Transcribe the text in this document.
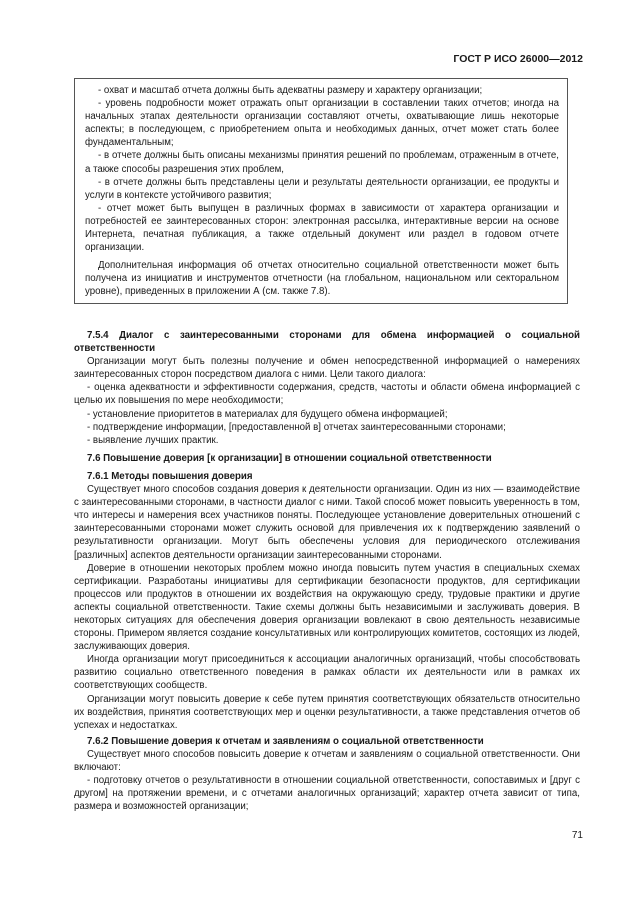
ГОСТ Р ИСО 26000—2012

- охват и масштаб отчета должны быть адекватны размеру и характеру организации;

- уровень подробности может отражать опыт организации в составлении таких отчетов; иногда на начальных этапах деятельности организации составляют отчеты, охватывающие лишь некоторые аспекты; в последующем, с приобретением опыта и необходимых данных, отчет может стать более фундаментальным;

- в отчете должны быть описаны механизмы принятия решений по проблемам, отраженным в отчете, а также способы разрешения этих проблем,

- в отчете должны быть представлены цели и результаты деятельности организации, ее продукты и услуги в контексте устойчивого развития;

- отчет может быть выпущен в различных формах в зависимости от характера организации и потребностей ее заинтересованных сторон: электронная рассылка, интерактивные версии на основе Интернета, печатная публикация, а также отдельный документ или раздел в годовом отчете организации.

Дополнительная информация об отчетах относительно социальной ответственности может быть получена из инициатив и инструментов отчетности (на глобальном, национальном или секторальном уровне), приведенных в приложении А (см. также 7.8).

7.5.4 Диалог с заинтересованными сторонами для обмена информацией о социальной ответственности

Организации могут быть полезны получение и обмен непосредственной информацией о намерениях заинтересованных сторон посредством диалога с ними. Цели такого диалога:

- оценка адекватности и эффективности содержания, средств, частоты и области обмена информацией с целью их повышения по мере необходимости;

- установление приоритетов в материалах для будущего обмена информацией;

- подтверждение информации, [предоставленной в] отчетах заинтересованными сторонами;

- выявление лучших практик.

7.6 Повышение доверия [к организации] в отношении социальной ответственности

7.6.1 Методы повышения доверия

Существует много способов создания доверия к деятельности организации. Один из них — взаимодействие с заинтересованными сторонами, в частности диалог с ними. Такой способ может повысить уверенность в том, что интересы и намерения всех участников поняты. Последующее установление доверительных отношений с заинтересованными сторонами может служить основой для привлечения их к подтверждению заявлений о результативности организации. Могут быть обеспечены условия для периодического отслеживания [различных] аспектов деятельности организации заинтересованными сторонами.

Доверие в отношении некоторых проблем можно иногда повысить путем участия в специальных схемах сертификации. Разработаны инициативы для сертификации безопасности продуктов, для сертификации процессов или продуктов в отношении их воздействия на окружающую среду, трудовые практики и другие аспекты социальной ответственности. Такие схемы должны быть независимыми и заслуживать доверия. В некоторых ситуациях для обеспечения доверия организации вовлекают в свою деятельность независимые стороны. Примером является создание консультативных или контролирующих комитетов, состоящих из людей, заслуживающих доверия.

Иногда организации могут присоединиться к ассоциации аналогичных организаций, чтобы способствовать развитию социально ответственного поведения в рамках области их деятельности или в рамках их соответствующих сообществ.

Организации могут повысить доверие к себе путем принятия соответствующих обязательств относительно их воздействия, принятия соответствующих мер и оценки результативности, а также представления отчетов об успехах и недостатках.

7.6.2 Повышение доверия к отчетам и заявлениям о социальной ответственности

Существует много способов повысить доверие к отчетам и заявлениям о социальной ответственности. Они включают:

- подготовку отчетов о результативности в отношении социальной ответственности, сопоставимых и [друг с другом] на протяжении времени, и с отчетами аналогичных организаций; характер отчета зависит от типа, размера и возможностей организации;

71
